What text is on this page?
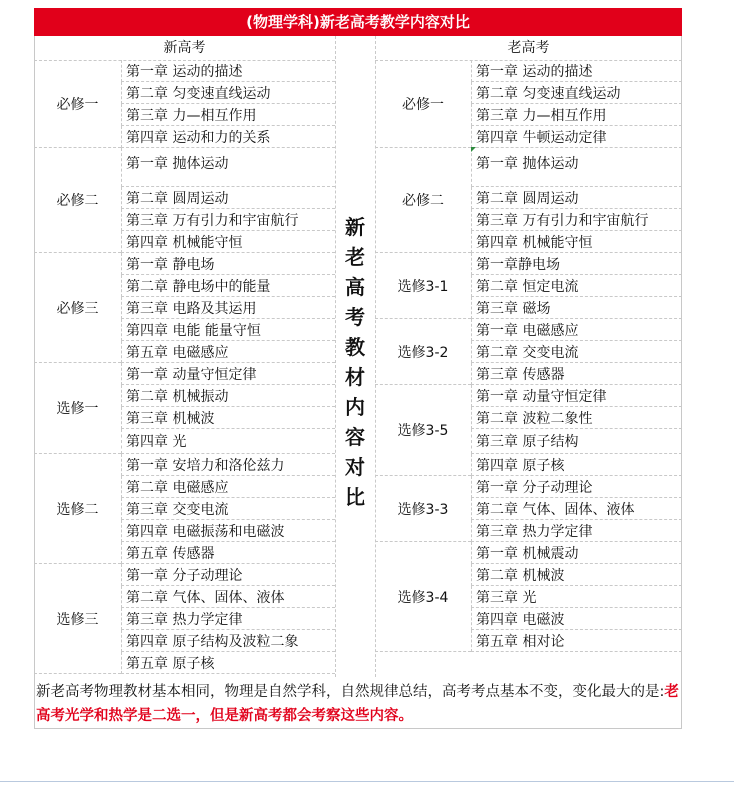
(物理学科)新老高考教学内容对比
新高考	老高考
必修一
第一章 运动的描述
第二章 匀变速直线运动
第三章 力—相互作用
第四章 运动和力的关系
必修二
第一章 抛体运动
第二章 圆周运动
第三章 万有引力和宇宙航行
第四章 机械能守恒
必修三
第一章 静电场
第二章 静电场中的能量
第三章 电路及其运用
第四章 电能 能量守恒
第五章 电磁感应
选修一
第一章 动量守恒定律
第二章 机械振动
第三章 机械波
第四章 光
选修二
第一章 安培力和洛伦兹力
第二章 电磁感应
第三章 交变电流
第四章 电磁振荡和电磁波
第五章 传感器
选修三
第一章 分子动理论
第二章 气体、固体、液体
第三章 热力学定律
第四章 原子结构及波粒二象
第五章 原子核
必修一
第一章 运动的描述
第二章 匀变速直线运动
第三章 力—相互作用
第四章 牛顿运动定律
必修二
第一章 抛体运动
第二章 圆周运动
第三章 万有引力和宇宙航行
第四章 机械能守恒
选修3-1
第一章静电场
第二章 恒定电流
第三章 磁场
选修3-2
第一章 电磁感应
第二章 交变电流
第三章 传感器
选修3-5
第一章 动量守恒定律
第二章 波粒二象性
第三章 原子结构
第四章 原子核
选修3-3
第一章 分子动理论
第二章 气体、固体、液体
第三章 热力学定律
选修3-4
第一章 机械震动
第二章 机械波
第三章 光
第四章 电磁波
第五章 相对论
新
老
高
考
教
材
内
容
对
比
新老高考物理教材基本相同，物理是自然学科，自然规律总结，高考考点基本不变，变化最大的是:老高考光学和热学是二选一，但是新高考都会考察这些内容。
